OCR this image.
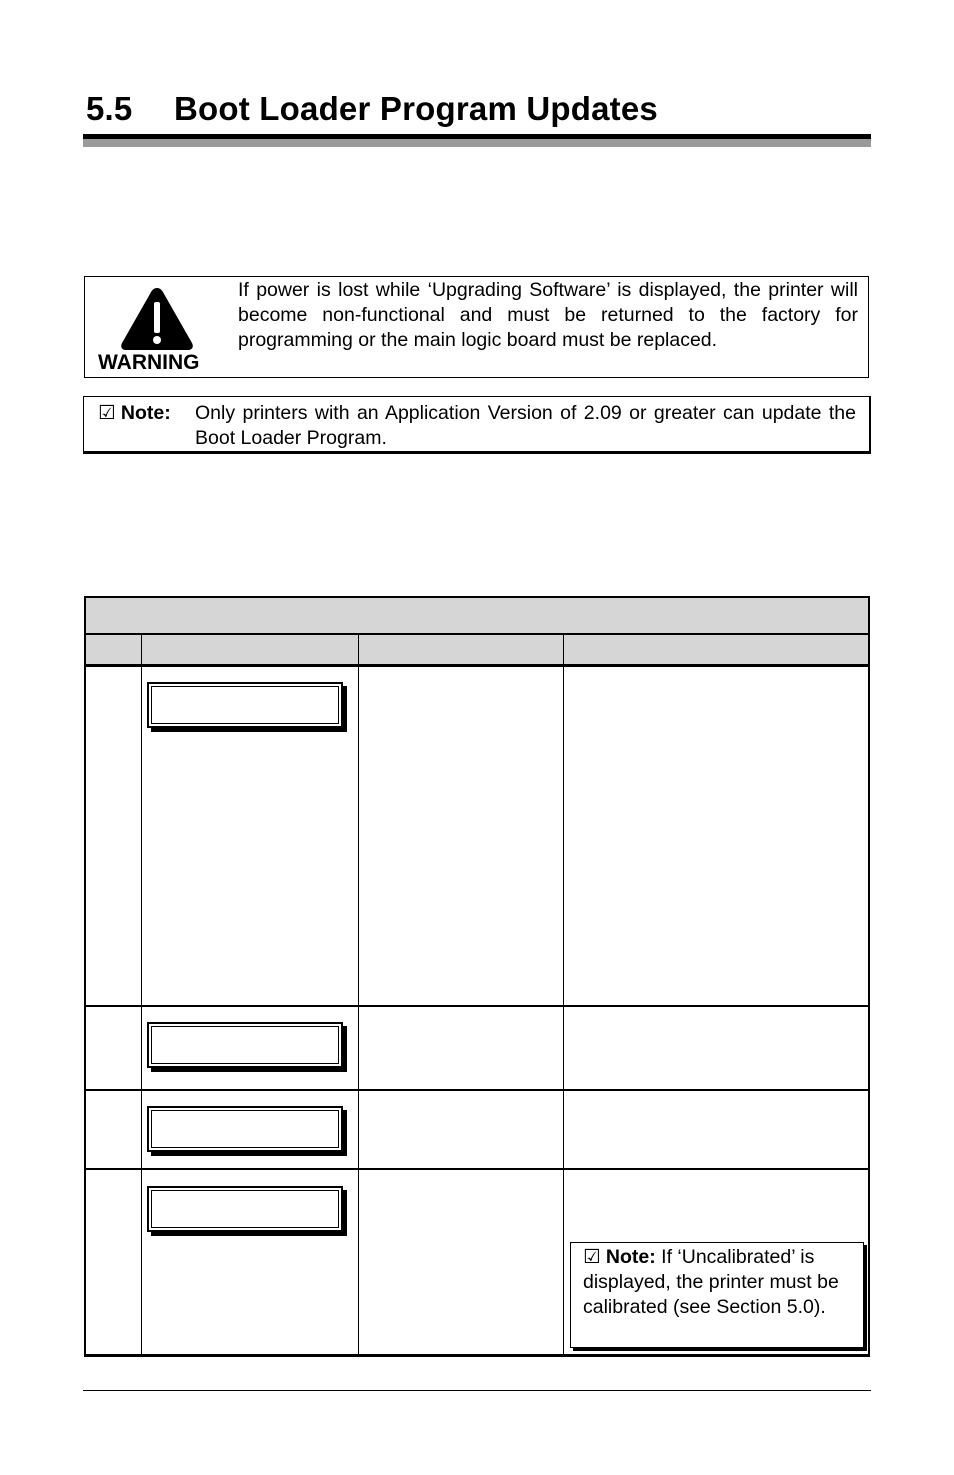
5.5 Boot Loader Program Updates
WARNING
If power is lost while ‘Upgrading Software’ is displayed, the printer will become non-functional and must be returned to the factory for programming or the main logic board must be replaced.
☑ Note: Only printers with an Application Version of 2.09 or greater can update the Boot Loader Program.
☑ Note: If ‘Uncalibrated’ is displayed, the printer must be calibrated (see Section 5.0).
